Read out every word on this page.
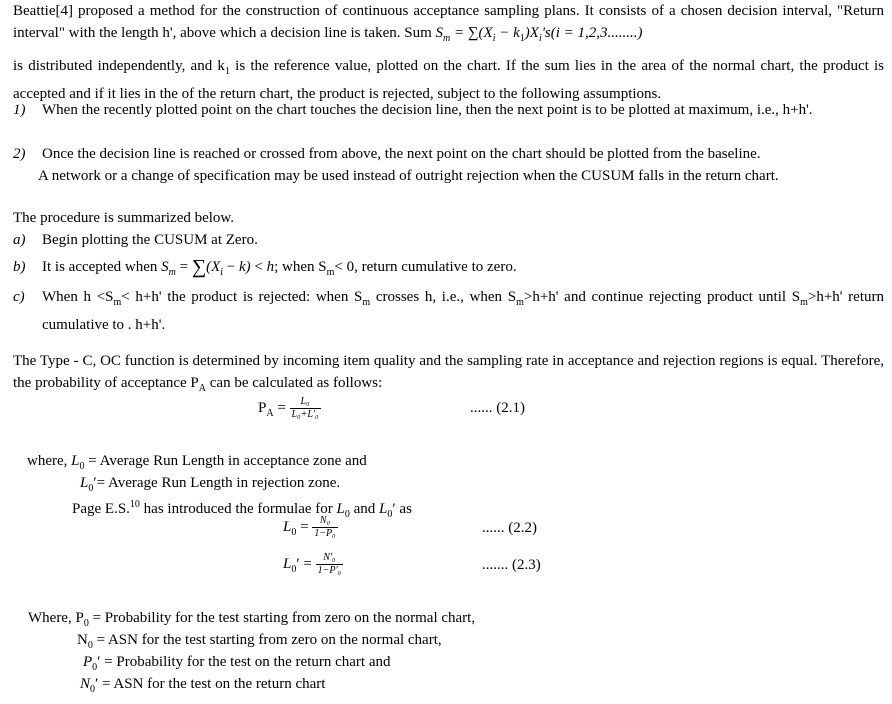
Beattie[4] proposed a method for the construction of continuous acceptance sampling plans. It consists of a chosen decision interval, "Return interval" with the length h', above which a decision line is taken. Sum $S_m = \sum(X_i - k_1)X_i's(i = 1,2,3........)$
is distributed independently, and $k_1$ is the reference value, plotted on the chart. If the sum lies in the area of the normal chart, the product is accepted and if it lies in the of the return chart, the product is rejected, subject to the following assumptions.
1) When the recently plotted point on the chart touches the decision line, then the next point is to be plotted at maximum, i.e., h+h'.
2) Once the decision line is reached or crossed from above, the next point on the chart should be plotted from the baseline.
A network or a change of specification may be used instead of outright rejection when the CUSUM falls in the return chart.
The procedure is summarized below.
a) Begin plotting the CUSUM at Zero.
b) It is accepted when $S_m = \sum(X_i - k) < h$; when $S_m< 0$, return cumulative to zero.
c) When $h <S_m< h+h'$ the product is rejected: when $S_m$ crosses h, i.e., when $S_m>h+h'$ and continue rejecting product until $S_m>h+h'$ return cumulative to . h+h'.
The Type - C, OC function is determined by incoming item quality and the sampling rate in acceptance and rejection regions is equal. Therefore, the probability of acceptance $P_A$ can be calculated as follows:
$P_A = \frac{\text{L₀}}{\text{L₀+L'₀}}$	...... (2.1)
where, $L_0$ = Average Run Length in acceptance zone and
$L_0'=$ Average Run Length in rejection zone.
Page E.S.$^{10}$ has introduced the formulae for $L_0$ and $L_0'$ as
$L_0 = \frac{\text{N₀}}{\text{1−P₀}}$	...... (2.2)
$L_0' = \frac{\text{N'₀}}{\text{1−P'₀}}$	....... (2.3)
Where, $P_0$ = Probability for the test starting from zero on the normal chart,
$N_0$ = ASN for the test starting from zero on the normal chart,
$P_0'$ = Probability for the test on the return chart and
$N_0'$ = ASN for the test on the return chart
